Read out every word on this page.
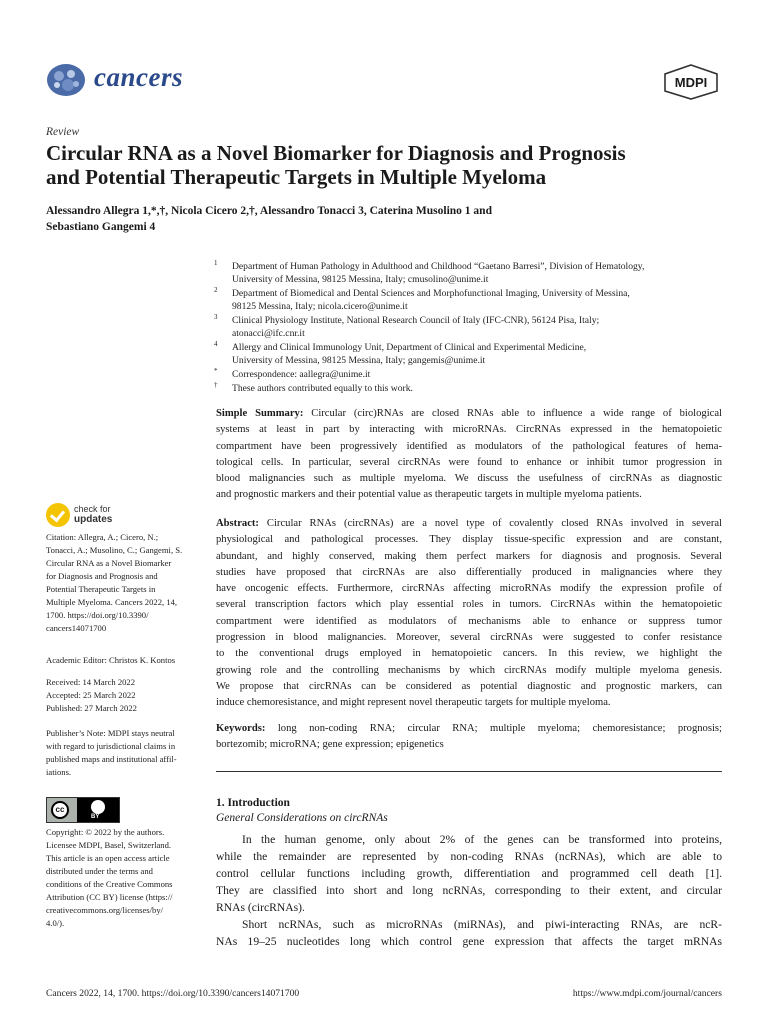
cancers	MDPI
Review
Circular RNA as a Novel Biomarker for Diagnosis and Prognosis
and Potential Therapeutic Targets in Multiple Myeloma
Alessandro Allegra 1,*,†, Nicola Cicero 2,†, Alessandro Tonacci 3, Caterina Musolino 1 and
Sebastiano Gangemi 4
1 Department of Human Pathology in Adulthood and Childhood “Gaetano Barresi”, Division of Hematology,
University of Messina, 98125 Messina, Italy; cmusolino@unime.it
2 Department of Biomedical and Dental Sciences and Morphofunctional Imaging, University of Messina,
98125 Messina, Italy; nicola.cicero@unime.it
3 Clinical Physiology Institute, National Research Council of Italy (IFC-CNR), 56124 Pisa, Italy;
atonacci@ifc.cnr.it
4 Allergy and Clinical Immunology Unit, Department of Clinical and Experimental Medicine,
University of Messina, 98125 Messina, Italy; gangemis@unime.it
* Correspondence: aallegra@unime.it
† These authors contributed equally to this work.
Simple Summary: Circular (circ)RNAs are closed RNAs able to influence a wide range of biological
systems at least in part by interacting with microRNAs. CircRNAs expressed in the hematopoietic
compartment have been progressively identified as modulators of the pathological features of hema-
tological cells. In particular, several circRNAs were found to enhance or inhibit tumor progression in
blood malignancies such as multiple myeloma. We discuss the usefulness of circRNAs as diagnostic
and prognostic markers and their potential value as therapeutic targets in multiple myeloma patients.
Abstract: Circular RNAs (circRNAs) are a novel type of covalently closed RNAs involved in several
physiological and pathological processes. They display tissue-specific expression and are constant,
abundant, and highly conserved, making them perfect markers for diagnosis and prognosis. Several
studies have proposed that circRNAs are also differentially produced in malignancies where they
have oncogenic effects. Furthermore, circRNAs affecting microRNAs modify the expression profile of
several transcription factors which play essential roles in tumors. CircRNAs within the hematopoietic
compartment were identified as modulators of mechanisms able to enhance or suppress tumor
progression in blood malignancies. Moreover, several circRNAs were suggested to confer resistance
to the conventional drugs employed in hematopoietic cancers. In this review, we highlight the
growing role and the controlling mechanisms by which circRNAs modify multiple myeloma genesis.
We propose that circRNAs can be considered as potential diagnostic and prognostic markers, can
induce chemoresistance, and might represent novel therapeutic targets for multiple myeloma.
Keywords: long non-coding RNA; circular RNA; multiple myeloma; chemoresistance; prognosis;
bortezomib; microRNA; gene expression; epigenetics
check for
updates
Citation: Allegra, A.; Cicero, N.;
Tonacci, A.; Musolino, C.; Gangemi, S.
Circular RNA as a Novel Biomarker
for Diagnosis and Prognosis and
Potential Therapeutic Targets in
Multiple Myeloma. Cancers 2022, 14,
1700. https://doi.org/10.3390/
cancers14071700
Academic Editor: Christos K. Kontos
Received: 14 March 2022
Accepted: 25 March 2022
Published: 27 March 2022
Publisher’s Note: MDPI stays neutral
with regard to jurisdictional claims in
published maps and institutional affil-
iations.
cc
BY
Copyright: © 2022 by the authors.
Licensee MDPI, Basel, Switzerland.
This article is an open access article
distributed under the terms and
conditions of the Creative Commons
Attribution (CC BY) license (https://
creativecommons.org/licenses/by/
4.0/).
1. Introduction
General Considerations on circRNAs
In the human genome, only about 2% of the genes can be transformed into proteins,
while the remainder are represented by non-coding RNAs (ncRNAs), which are able to
control cellular functions including growth, differentiation and programmed cell death [1].
They are classified into short and long ncRNAs, corresponding to their extent, and circular
RNAs (circRNAs).
Short ncRNAs, such as microRNAs (miRNAs), and piwi-interacting RNAs, are ncR-
NAs 19–25 nucleotides long which control gene expression that affects the target mRNAs
Cancers 2022, 14, 1700. https://doi.org/10.3390/cancers14071700	https://www.mdpi.com/journal/cancers
